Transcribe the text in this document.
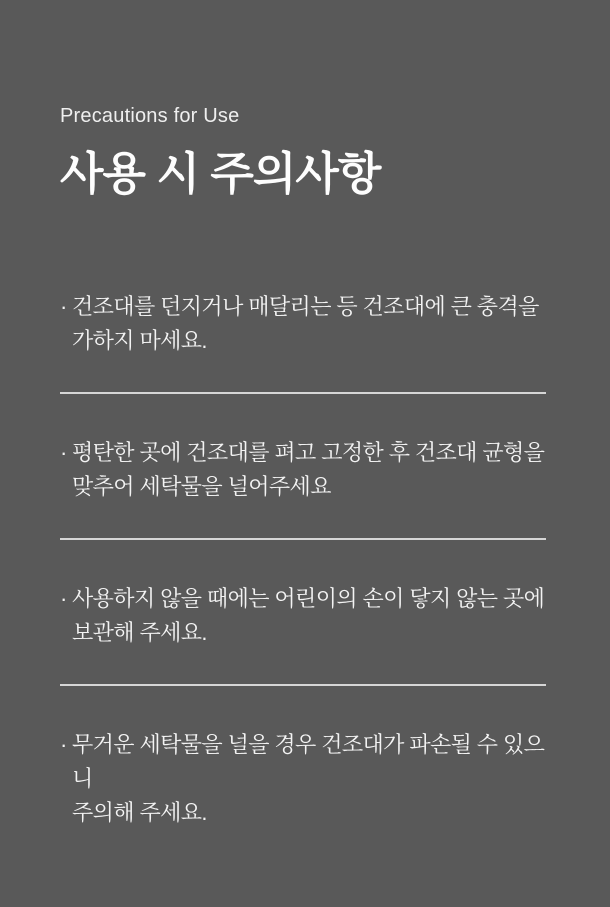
Precautions for Use
사용 시 주의사항
· 건조대를 던지거나 매달리는 등 건조대에 큰 충격을
가하지 마세요.
· 평탄한 곳에 건조대를 펴고 고정한 후 건조대 균형을
맞추어 세탁물을 널어주세요
· 사용하지 않을 때에는 어린이의 손이 닿지 않는 곳에
보관해 주세요.
· 무거운 세탁물을 널을 경우 건조대가 파손될 수 있으니
주의해 주세요.
